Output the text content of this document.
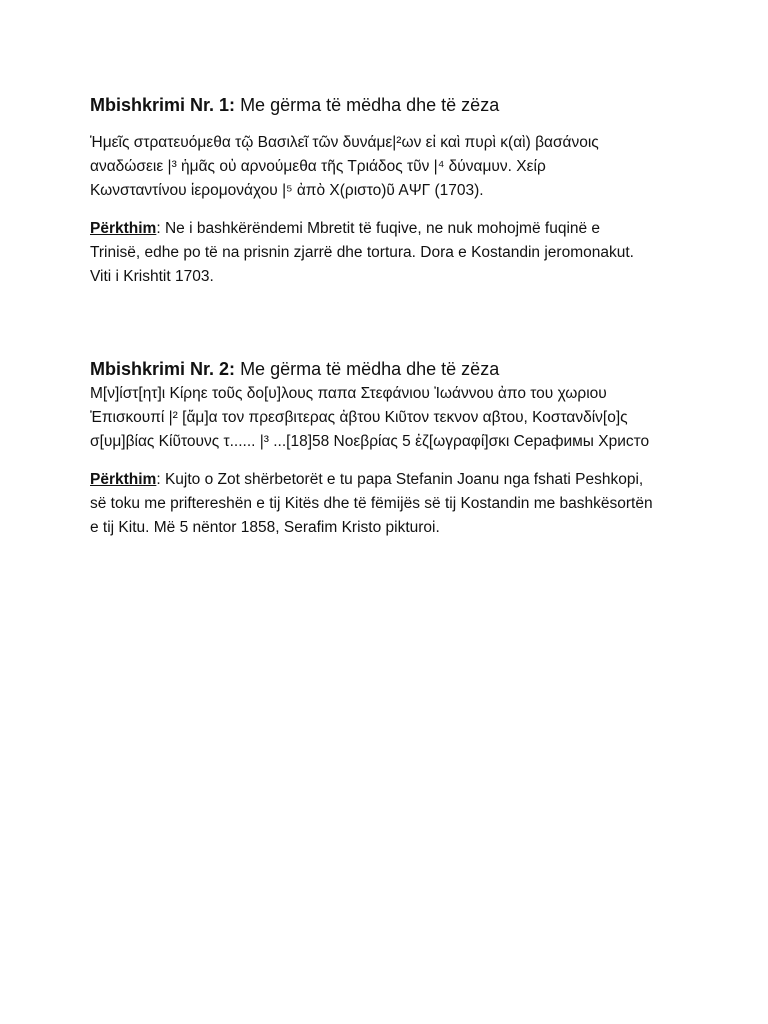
Mbishkrimi Nr. 1: Me gërma të mëdha dhe të zëza

Ἡμεῖς στρατευόμεθα τῷ Βασιλεῖ τῶν δυνάμε|²ων εἰ καὶ πυρὶ κ(αὶ) βασάνοις
αναδώσειε |³ ἡμᾶς οὐ αρνούμεθα τῆς Τριάδος τῦν |⁴ δύναμυν. Χείρ
Κωνσταντίνου ἱερομονάχου |⁵ ἀπὸ Χ(ριστο)ῦ ΑΨΓ (1703).

Përkthim: Ne i bashkërëndemi Mbretit të fuqive, ne nuk mohojmë fuqinë e
Trinisë, edhe po të na prisnin zjarrë dhe tortura. Dora e Kostandin jeromonakut.
Viti i Krishtit 1703.

Mbishkrimi Nr. 2: Me gërma të mëdha dhe të zëza

Μ[ν]ίστ[ητ]ι Κίρηε τοῦς δο[υ]λους παπα Στεφάνιου Ἰωάννου ἀπο του χωριου
Ἐπισκουπί |² [ἄμ]α τον πρεσβιτερας ἀβτου Κιῦτον τεκνον αβτου, Κοστανδίν[ο]ς
σ[υμ]βίας Κίῦτουνς τ...... |³ ...[18]58 Νοεβρίας 5 ἐζ[ωγραφί]σκι Серафимы Христо

Përkthim: Kujto o Zot shërbetorët e tu papa Stefanin Joanu nga fshati Peshkopi,
së toku me priftereshën e tij Kitës dhe të fëmijës së tij Kostandin me bashkësortën
e tij Kitu. Më 5 nëntor 1858, Serafim Kristo pikturoi.
